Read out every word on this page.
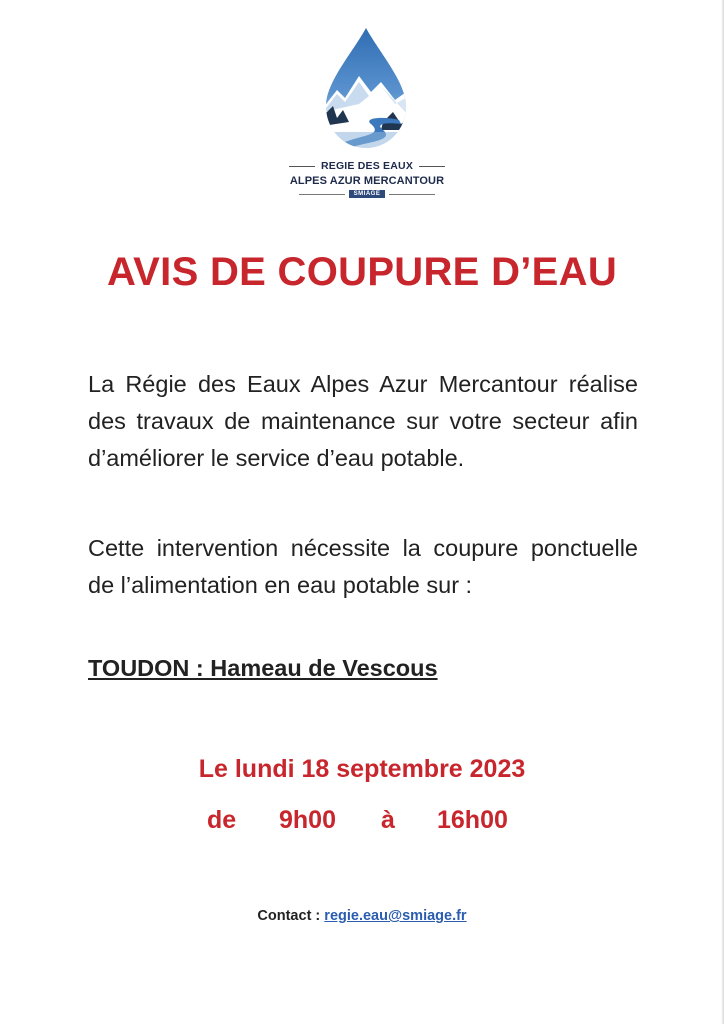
REGIE DES EAUX
ALPES AZUR MERCANTOUR
SMIAGE
AVIS DE COUPURE D’EAU
La Régie des Eaux Alpes Azur Mercantour réalise des travaux de maintenance sur votre secteur afin d’améliorer le service d’eau potable.
Cette intervention nécessite la coupure ponctuelle de l’alimentation en eau potable sur :
TOUDON : Hameau de Vescous
Le lundi 18 septembre 2023
de 9h00 à 16h00
Contact : regie.eau@smiage.fr
